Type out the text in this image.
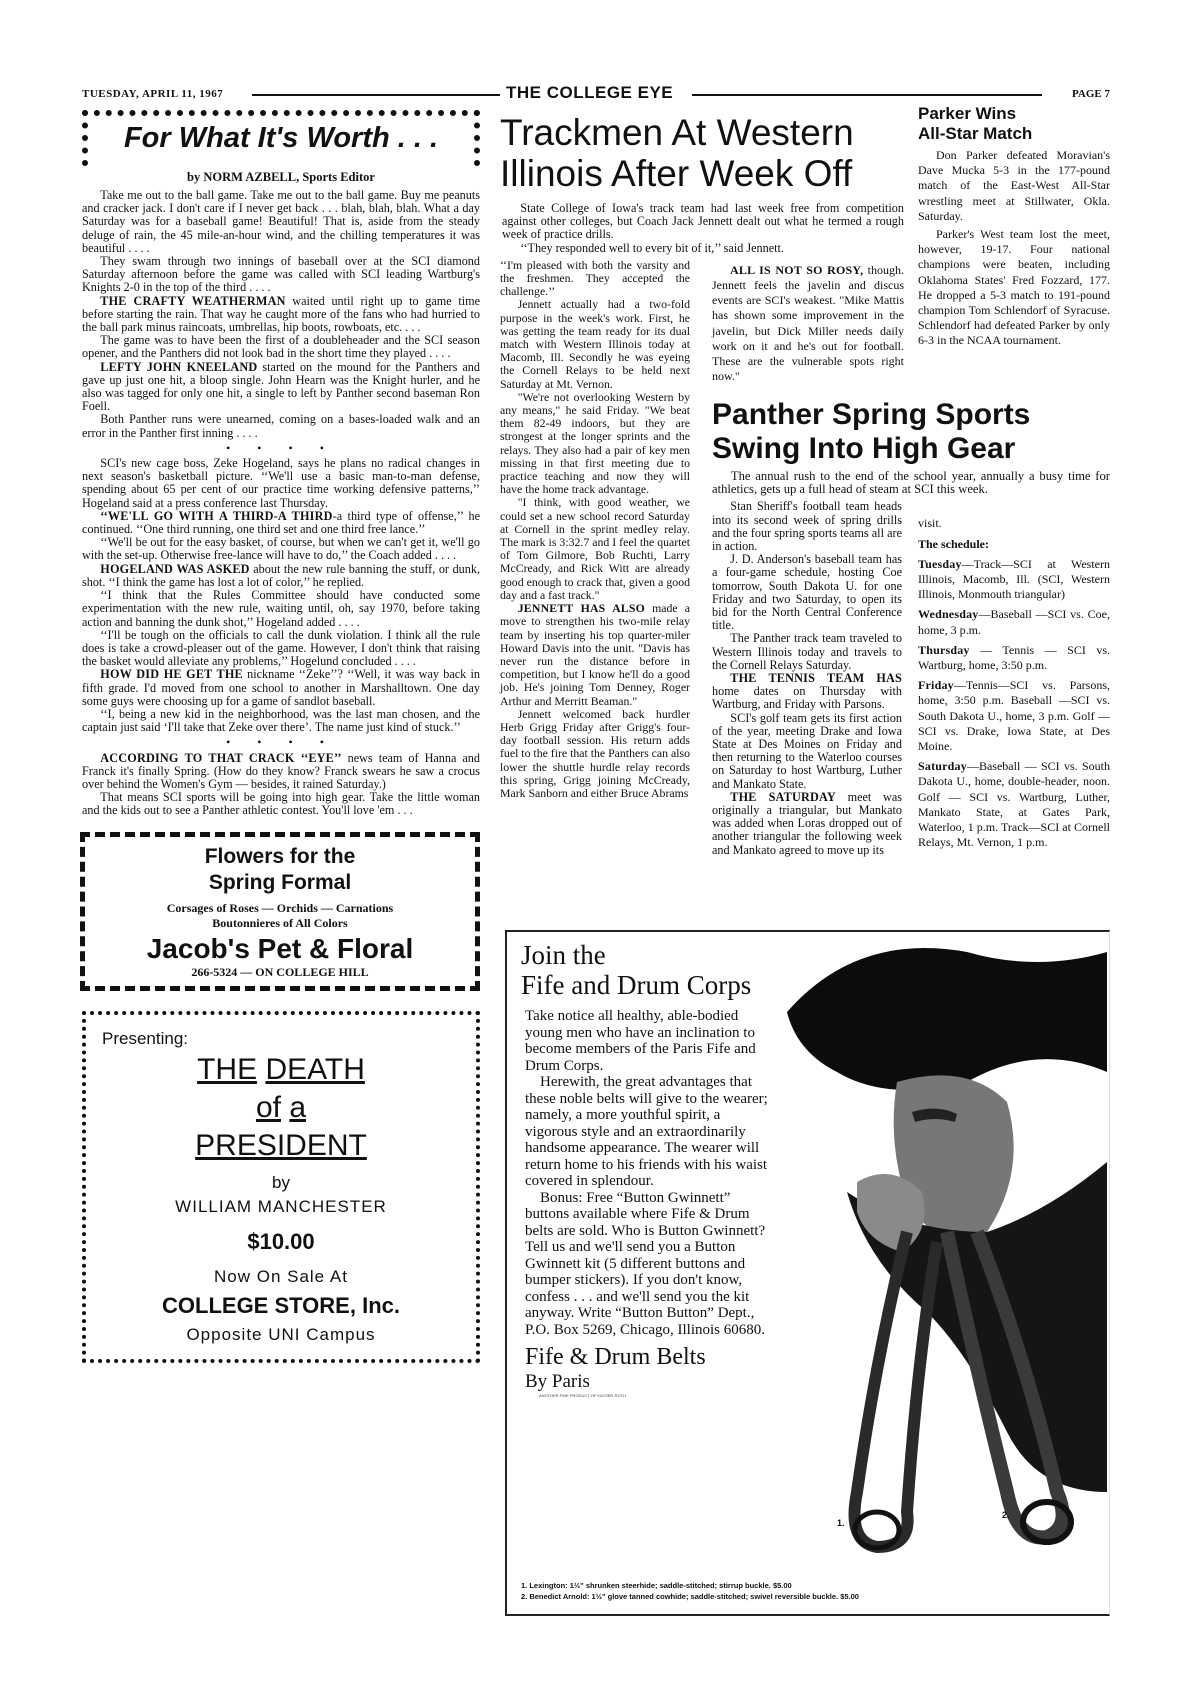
TUESDAY, APRIL 11, 1967	THE COLLEGE EYE	PAGE 7
For What It's Worth . . .
by NORM AZBELL, Sports Editor

Take me out to the ball game. Take me out to the ball game. Buy me peanuts and cracker jack. I don't care if I never get back . . . blah, blah, blah. What a day Saturday was for a baseball game! Beautiful! That is, aside from the steady deluge of rain, the 45 mile-an-hour wind, and the chilling temperatures it was beautiful . . . .

They swam through two innings of baseball over at the SCI diamond Saturday afternoon before the game was called with SCI leading Wartburg's Knights 2-0 in the top of the third . . . .

THE CRAFTY WEATHERMAN waited until right up to game time before starting the rain. That way he caught more of the fans who had hurried to the ball park minus raincoats, umbrellas, hip boots, rowboats, etc. . . .

The game was to have been the first of a doubleheader and the SCI season opener, and the Panthers did not look bad in the short time they played . . . .

LEFTY JOHN KNEELAND started on the mound for the Panthers and gave up just one hit, a bloop single. John Hearn was the Knight hurler, and he also was tagged for only one hit, a single to left by Panther second baseman Ron Foell.

Both Panther runs were unearned, coming on a bases-loaded walk and an error in the Panther first inning . . . .

• • • •

SCI's new cage boss, Zeke Hogeland, says he plans no radical changes in next season's basketball picture. ‘‘We'll use a basic man-to-man defense, spending about 65 per cent of our practice time working defensive patterns,’’ Hogeland said at a press conference last Thursday.

‘‘WE'LL GO WITH A THIRD-A THIRD-a third type of offense,’’ he continued. ‘‘One third running, one third set and one third free lance.’’

‘‘We'll be out for the easy basket, of course, but when we can't get it, we'll go with the set-up. Otherwise free-lance will have to do,’’ the Coach added . . . .

HOGELAND WAS ASKED about the new rule banning the stuff, or dunk, shot. ‘‘I think the game has lost a lot of color,’’ he replied.

‘‘I think that the Rules Committee should have conducted some experimentation with the new rule, waiting until, oh, say 1970, before taking action and banning the dunk shot,’’ Hogeland added . . . .

‘‘I'll be tough on the officials to call the dunk violation. I think all the rule does is take a crowd-pleaser out of the game. However, I don't think that raising the basket would alleviate any problems,’’ Hogelund concluded . . . .

HOW DID HE GET THE nickname ‘‘Zeke’’? ‘‘Well, it was way back in fifth grade. I'd moved from one school to another in Marshalltown. One day some guys were choosing up for a game of sandlot baseball.

‘‘I, being a new kid in the neighborhood, was the last man chosen, and the captain just said ‘I'll take that Zeke over there’. The name just kind of stuck.’’

• • • •

ACCORDING TO THAT CRACK ‘‘EYE’’ news team of Hanna and Franck it's finally Spring. (How do they know? Franck swears he saw a crocus over behind the Women's Gym — besides, it rained Saturday.)

That means SCI sports will be going into high gear. Take the little woman and the kids out to see a Panther athletic contest. You'll love 'em . . .

Flowers for the
Spring Formal
Corsages of Roses — Orchids — Carnations
Boutonnieres of All Colors
Jacob's Pet & Floral
266-5324 — ON COLLEGE HILL
Presenting:
THE DEATH
of a
PRESIDENT
by
WILLIAM MANCHESTER
$10.00
Now On Sale At
COLLEGE STORE, Inc.
Opposite UNI Campus
Trackmen At Western
Illinois After Week Off

State College of Iowa's track team had last week free from competition against other colleges, but Coach Jack Jennett dealt out what he termed a rough week of practice drills.

‘‘They responded well to every bit of it,’’ said Jennett.

‘‘I'm pleased with both the varsity and the freshmen. They accepted the challenge.’’

Jennett actually had a two-fold purpose in the week's work. First, he was getting the team ready for its dual match with Western Illinois today at Macomb, Ill. Secondly he was eyeing the Cornell Relays to be held next Saturday at Mt. Vernon.

"We're not overlooking Western by any means," he said Friday. "We beat them 82-49 indoors, but they are strongest at the longer sprints and the relays. They also had a pair of key men missing in that first meeting due to practice teaching and now they will have the home track advantage.

"I think, with good weather, we could set a new school record Saturday at Cornell in the sprint medley relay. The mark is 3:32.7 and I feel the quartet of Tom Gilmore, Bob Ruchti, Larry McCready, and Rick Witt are already good enough to crack that, given a good day and a fast track."

JENNETT HAS ALSO made a move to strengthen his two-mile relay team by inserting his top quarter-miler Howard Davis into the unit. "Davis has never run the distance before in competition, but I know he'll do a good job. He's joining Tom Denney, Roger Arthur and Merritt Beaman."

Jennett welcomed back hurdler Herb Grigg Friday after Grigg's four-day football session. His return adds fuel to the fire that the Panthers can also lower the shuttle hurdle relay records this spring, Grigg joining McCready, Mark Sanborn and either Bruce Abrams

ALL IS NOT SO ROSY, though. Jennett feels the javelin and discus events are SCI's weakest. "Mike Mattis has shown some improvement in the javelin, but Dick Miller needs daily work on it and he's out for football. These are the vulnerable spots right now."

Parker Wins
All-Star Match

Don Parker defeated Moravian's Dave Mucka 5-3 in the 177-pound match of the East-West All-Star wrestling meet at Stillwater, Okla. Saturday.

Parker's West team lost the meet, however, 19-17. Four national champions were beaten, including Oklahoma States' Fred Fozzard, 177. He dropped a 5-3 match to 191-pound champion Tom Schlendorf of Syracuse. Schlendorf had defeated Parker by only 6-3 in the NCAA tournament.

Panther Spring Sports
Swing Into High Gear

The annual rush to the end of the school year, annually a busy time for athletics, gets up a full head of steam at SCI this week.

Stan Sheriff's football team heads into its second week of spring drills and the four spring sports teams all are in action.

J. D. Anderson's baseball team has a four-game schedule, hosting Coe tomorrow, South Dakota U. for one Friday and two Saturday, to open its bid for the North Central Conference title.

The Panther track team traveled to Western Illinois today and travels to the Cornell Relays Saturday.

THE TENNIS TEAM HAS home dates on Thursday with Wartburg, and Friday with Parsons.

SCI's golf team gets its first action of the year, meeting Drake and Iowa State at Des Moines on Friday and then returning to the Waterloo courses on Saturday to host Wartburg, Luther and Mankato State.

THE SATURDAY meet was originally a triangular, but Mankato was added when Loras dropped out of another triangular the following week and Mankato agreed to move up its

visit.

The schedule:

Tuesday—Track—SCI at Western Illinois, Macomb, Ill. (SCI, Western Illinois, Monmouth triangular)

Wednesday—Baseball —SCI vs. Coe, home, 3 p.m.

Thursday — Tennis — SCI vs. Wartburg, home, 3:50 p.m.

Friday—Tennis—SCI vs. Parsons, home, 3:50 p.m. Baseball —SCI vs. South Dakota U., home, 3 p.m. Golf — SCI vs. Drake, Iowa State, at Des Moine.

Saturday—Baseball — SCI vs. South Dakota U., home, double-header, noon. Golf — SCI vs. Wartburg, Luther, Mankato State, at Gates Park, Waterloo, 1 p.m. Track—SCI at Cornell Relays, Mt. Vernon, 1 p.m.

Join the
Fife and Drum Corps

Take notice all healthy, able-bodied young men who have an inclination to become members of the Paris Fife and Drum Corps.

Herewith, the great advantages that these noble belts will give to the wearer; namely, a more youthful spirit, a vigorous style and an extraordinarily handsome appearance. The wearer will return home to his friends with his waist covered in splendour.

Bonus: Free “Button Gwinnett” buttons available where Fife & Drum belts are sold. Who is Button Gwinnett? Tell us and we'll send you a Button Gwinnett kit (5 different buttons and bumper stickers). If you don't know, confess . . . and we'll send you the kit anyway. Write “Button Button” Dept., P.O. Box 5269, Chicago, Illinois 60680.

Fife & Drum Belts
By Paris
ANOTHER FINE PRODUCT OF KAYSER-ROTH
1.
2.
1. Lexington: 1½" shrunken steerhide; saddle-stitched; stirrup buckle. $5.00
2. Benedict Arnold: 1½" glove tanned cowhide; saddle-stitched; swivel reversible buckle. $5.00
